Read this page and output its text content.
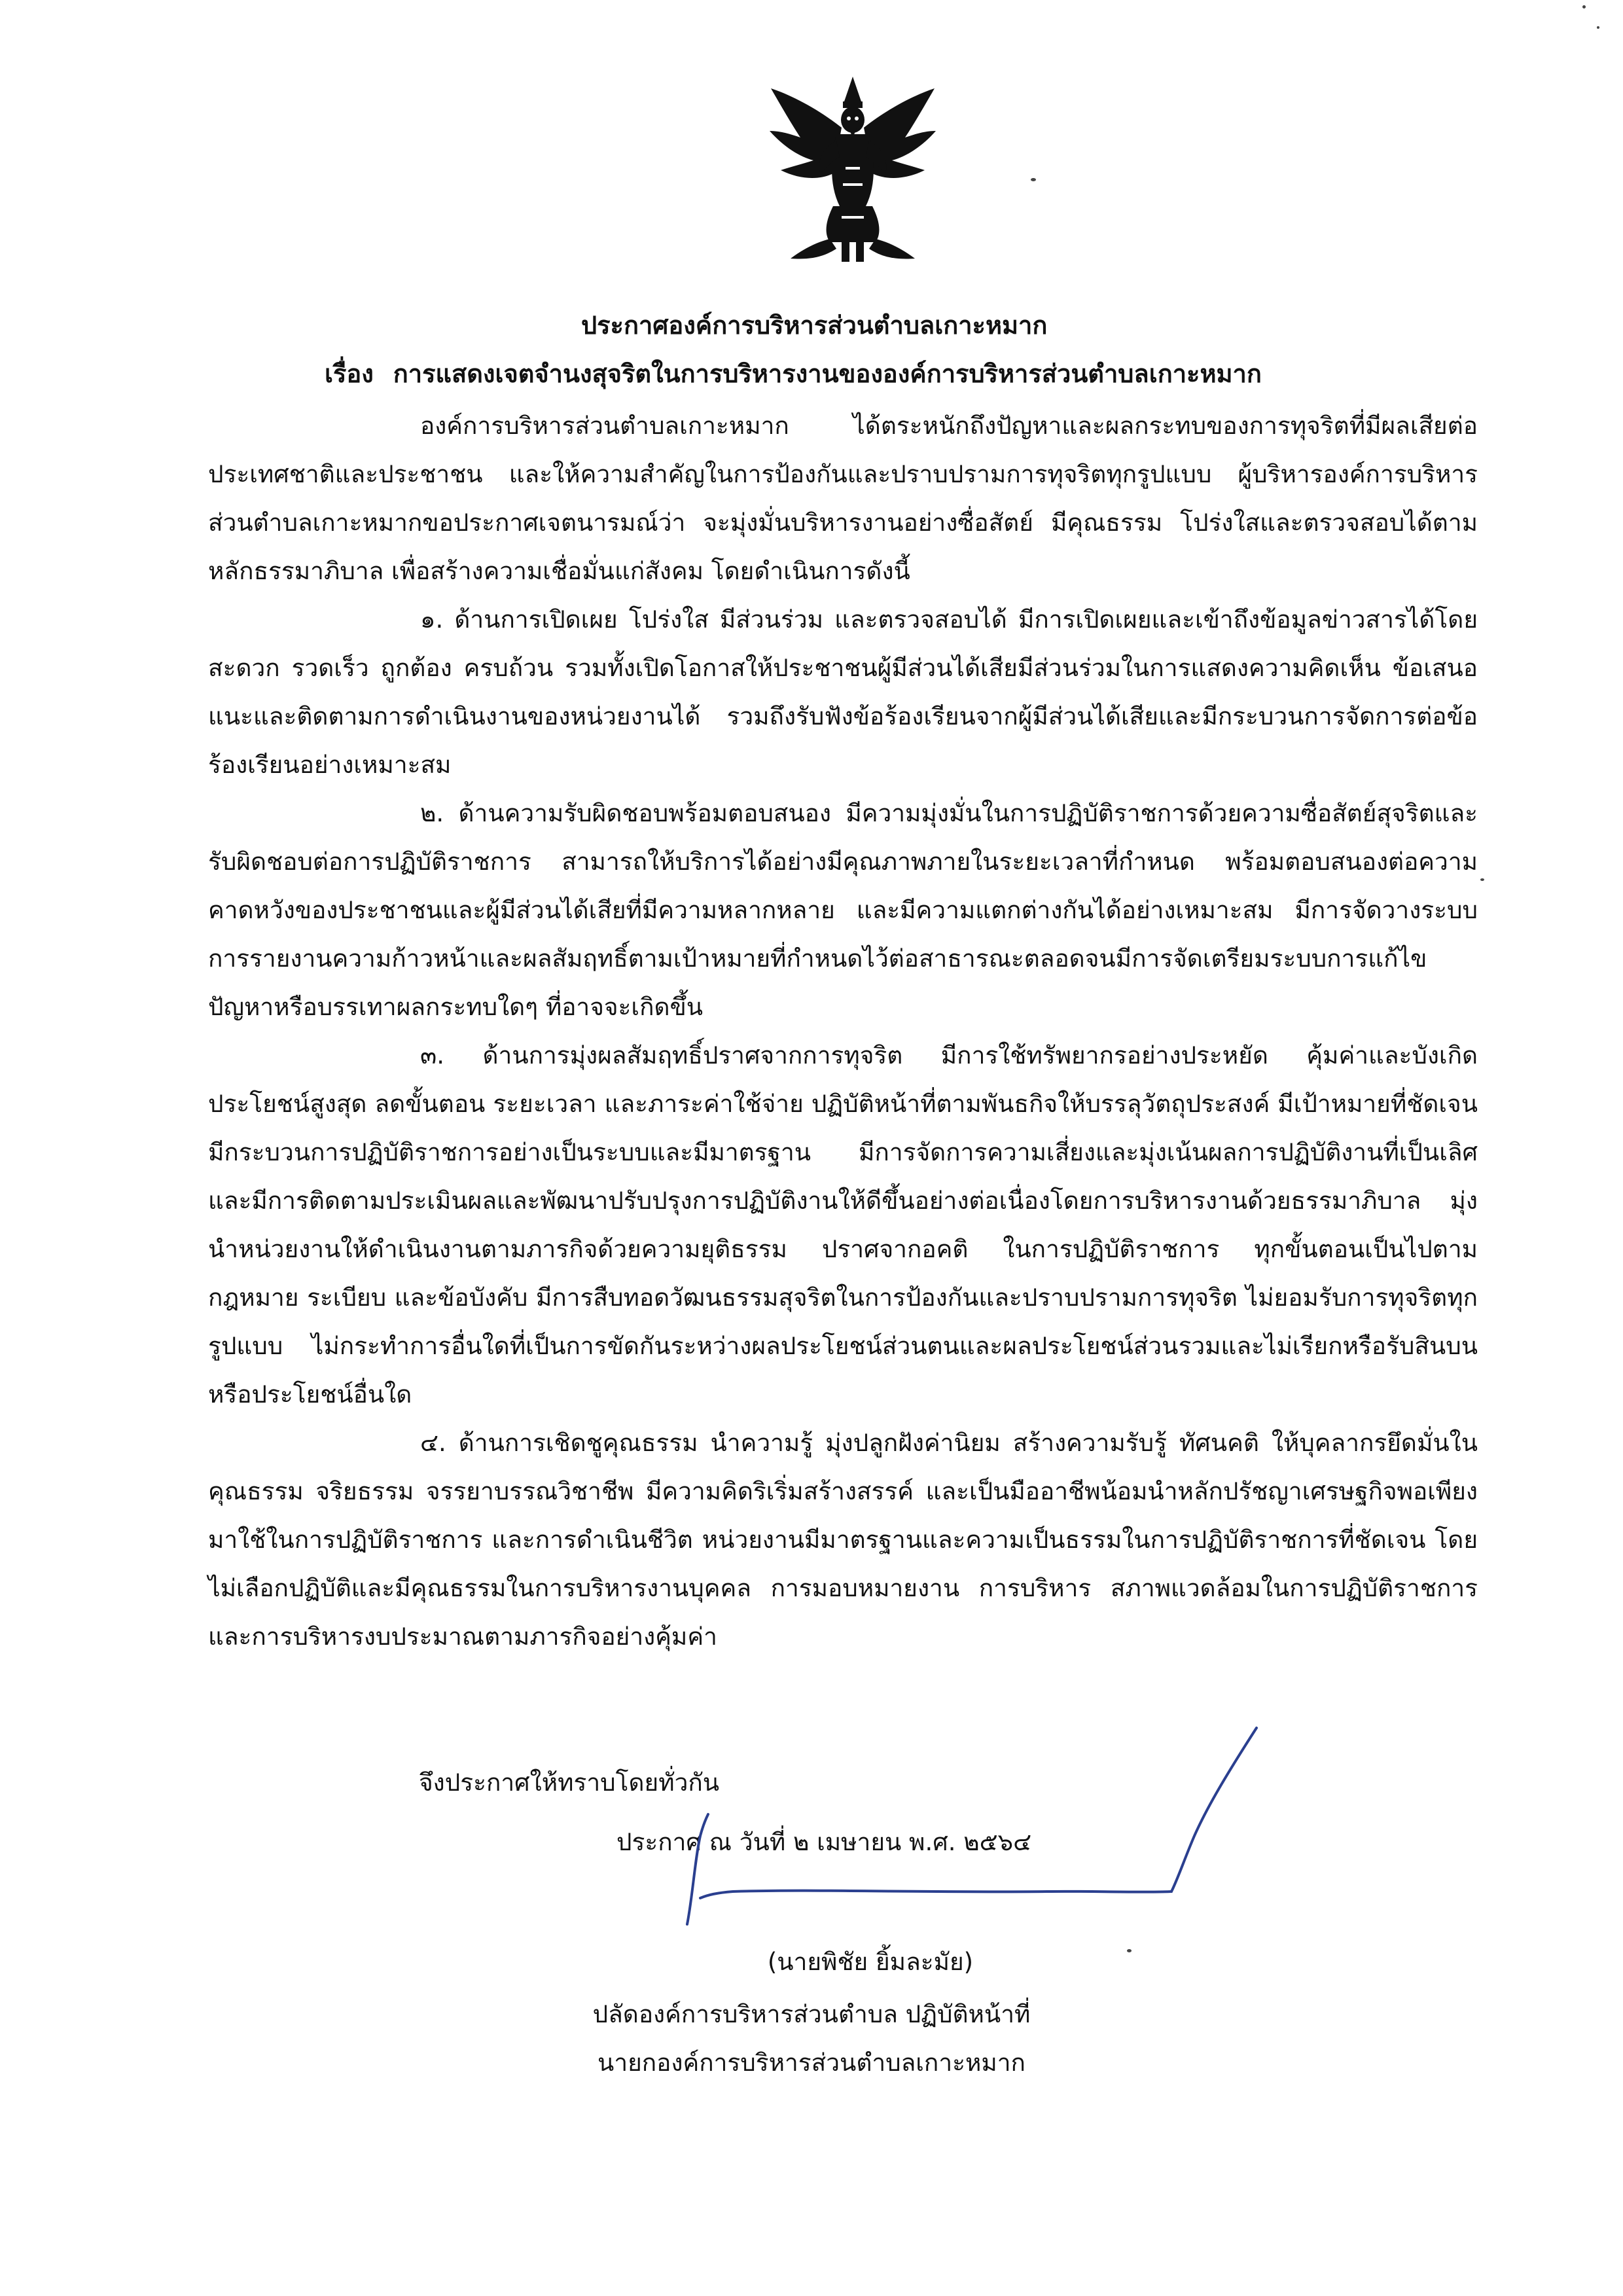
ประกาศองค์การบริหารส่วนตำบลเกาะหมาก
เรื่อง การแสดงเจตจำนงสุจริตในการบริหารงานขององค์การบริหารส่วนตำบลเกาะหมาก

องค์การบริหารส่วนตำบลเกาะหมาก ได้ตระหนักถึงปัญหาและผลกระทบของการทุจริตที่มีผลเสียต่อประเทศชาติและประชาชน และให้ความสำคัญในการป้องกันและปราบปรามการทุจริตทุกรูปแบบ ผู้บริหารองค์การบริหารส่วนตำบลเกาะหมากขอประกาศเจตนารมณ์ว่า จะมุ่งมั่นบริหารงานอย่างซื่อสัตย์ มีคุณธรรม โปร่งใสและตรวจสอบได้ตามหลักธรรมาภิบาล เพื่อสร้างความเชื่อมั่นแก่สังคม โดยดำเนินการดังนี้

๑. ด้านการเปิดเผย โปร่งใส มีส่วนร่วม และตรวจสอบได้ มีการเปิดเผยและเข้าถึงข้อมูลข่าวสารได้โดยสะดวก รวดเร็ว ถูกต้อง ครบถ้วน รวมทั้งเปิดโอกาสให้ประชาชนผู้มีส่วนได้เสียมีส่วนร่วมในการแสดงความคิดเห็น ข้อเสนอแนะและติดตามการดำเนินงานของหน่วยงานได้ รวมถึงรับฟังข้อร้องเรียนจากผู้มีส่วนได้เสียและมีกระบวนการจัดการต่อข้อร้องเรียนอย่างเหมาะสม

๒. ด้านความรับผิดชอบพร้อมตอบสนอง มีความมุ่งมั่นในการปฏิบัติราชการด้วยความซื่อสัตย์สุจริตและรับผิดชอบต่อการปฏิบัติราชการ สามารถให้บริการได้อย่างมีคุณภาพภายในระยะเวลาที่กำหนด พร้อมตอบสนองต่อความคาดหวังของประชาชนและผู้มีส่วนได้เสียที่มีความหลากหลาย และมีความแตกต่างกันได้อย่างเหมาะสม มีการจัดวางระบบการรายงานความก้าวหน้าและผลสัมฤทธิ์ตามเป้าหมายที่กำหนดไว้ต่อสาธารณะตลอดจนมีการจัดเตรียมระบบการแก้ไขปัญหาหรือบรรเทาผลกระทบใดๆ ที่อาจจะเกิดขึ้น

๓. ด้านการมุ่งผลสัมฤทธิ์ปราศจากการทุจริต มีการใช้ทรัพยากรอย่างประหยัด คุ้มค่าและบังเกิดประโยชน์สูงสุด ลดขั้นตอน ระยะเวลา และภาระค่าใช้จ่าย ปฏิบัติหน้าที่ตามพันธกิจให้บรรลุวัตถุประสงค์ มีเป้าหมายที่ชัดเจน มีกระบวนการปฏิบัติราชการอย่างเป็นระบบและมีมาตรฐาน มีการจัดการความเสี่ยงและมุ่งเน้นผลการปฏิบัติงานที่เป็นเลิศ และมีการติดตามประเมินผลและพัฒนาปรับปรุงการปฏิบัติงานให้ดีขึ้นอย่างต่อเนื่องโดยการบริหารงานด้วยธรรมาภิบาล มุ่งนำหน่วยงานให้ดำเนินงานตามภารกิจด้วยความยุติธรรม ปราศจากอคติ ในการปฏิบัติราชการ ทุกขั้นตอนเป็นไปตามกฎหมาย ระเบียบ และข้อบังคับ มีการสืบทอดวัฒนธรรมสุจริตในการป้องกันและปราบปรามการทุจริต ไม่ยอมรับการทุจริตทุกรูปแบบ ไม่กระทำการอื่นใดที่เป็นการขัดกันระหว่างผลประโยชน์ส่วนตนและผลประโยชน์ส่วนรวมและไม่เรียกหรือรับสินบนหรือประโยชน์อื่นใด

๔. ด้านการเชิดชูคุณธรรม นำความรู้ มุ่งปลูกฝังค่านิยม สร้างความรับรู้ ทัศนคติ ให้บุคลากรยึดมั่นในคุณธรรม จริยธรรม จรรยาบรรณวิชาชีพ มีความคิดริเริ่มสร้างสรรค์ และเป็นมืออาชีพน้อมนำหลักปรัชญาเศรษฐกิจพอเพียงมาใช้ในการปฏิบัติราชการ และการดำเนินชีวิต หน่วยงานมีมาตรฐานและความเป็นธรรมในการปฏิบัติราชการที่ชัดเจน โดยไม่เลือกปฏิบัติและมีคุณธรรมในการบริหารงานบุคคล การมอบหมายงาน การบริหาร สภาพแวดล้อมในการปฏิบัติราชการ และการบริหารงบประมาณตามภารกิจอย่างคุ้มค่า

จึงประกาศให้ทราบโดยทั่วกัน
ประกาศ ณ วันที่ ๒ เมษายน พ.ศ. ๒๕๖๔
(นายพิชัย ยิ้มละมัย)
ปลัดองค์การบริหารส่วนตำบล ปฏิบัติหน้าที่
นายกองค์การบริหารส่วนตำบลเกาะหมาก
